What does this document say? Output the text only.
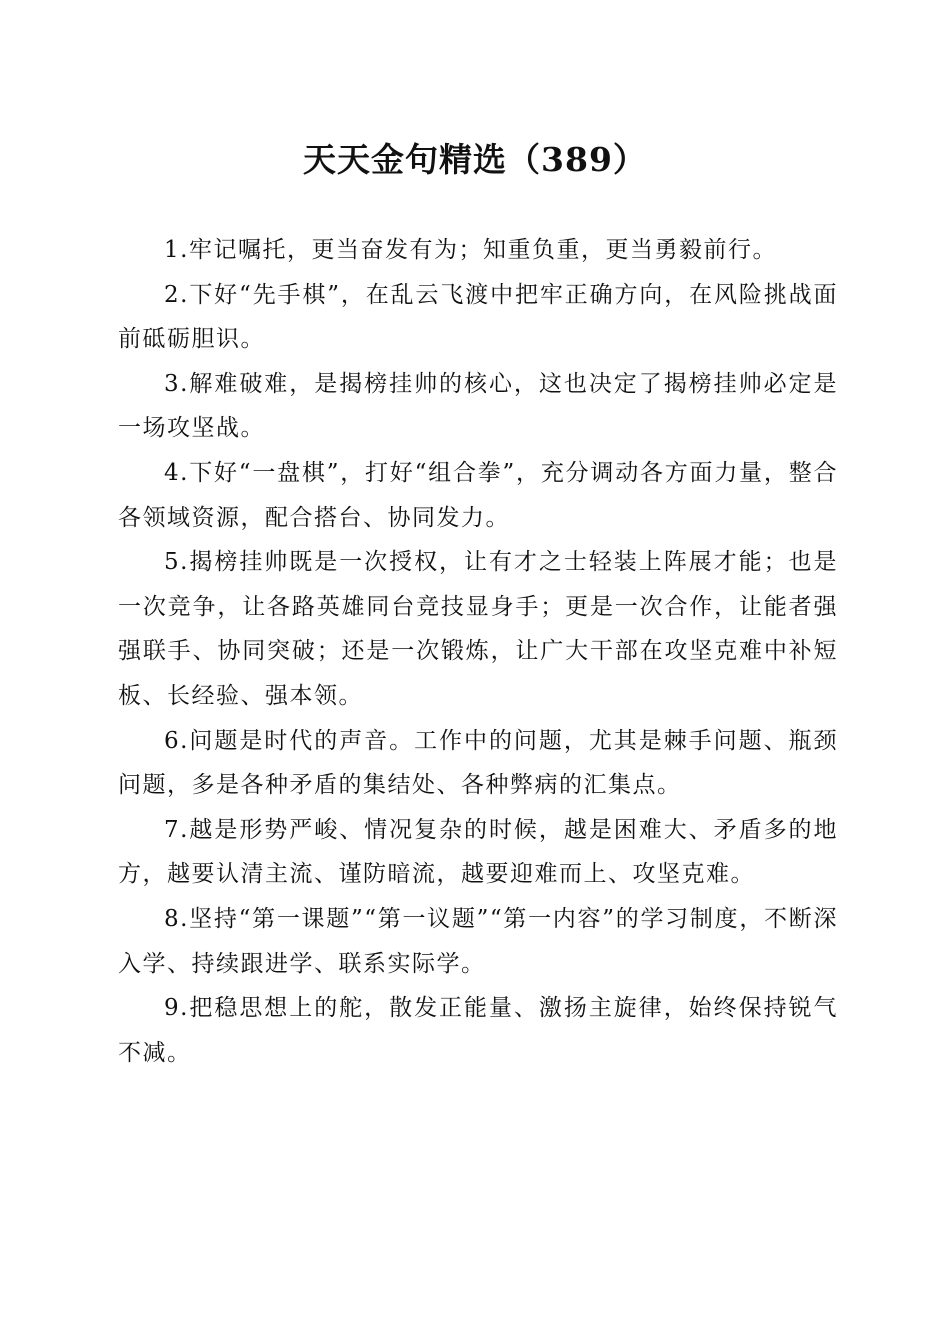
天天金句精选（389）

1.牢记嘱托，更当奋发有为；知重负重，更当勇毅前行。

2.下好“先手棋”，在乱云飞渡中把牢正确方向，在风险挑战面前砥砺胆识。

3.解难破难，是揭榜挂帅的核心，这也决定了揭榜挂帅必定是一场攻坚战。

4.下好“一盘棋”，打好“组合拳”，充分调动各方面力量，整合各领域资源，配合搭台、协同发力。

5.揭榜挂帅既是一次授权，让有才之士轻装上阵展才能；也是一次竞争，让各路英雄同台竞技显身手；更是一次合作，让能者强强联手、协同突破；还是一次锻炼，让广大干部在攻坚克难中补短板、长经验、强本领。

6.问题是时代的声音。工作中的问题，尤其是棘手问题、瓶颈问题，多是各种矛盾的集结处、各种弊病的汇集点。

7.越是形势严峻、情况复杂的时候，越是困难大、矛盾多的地方，越要认清主流、谨防暗流，越要迎难而上、攻坚克难。

8.坚持“第一课题”“第一议题”“第一内容”的学习制度，不断深入学、持续跟进学、联系实际学。

9.把稳思想上的舵，散发正能量、激扬主旋律，始终保持锐气不减。
